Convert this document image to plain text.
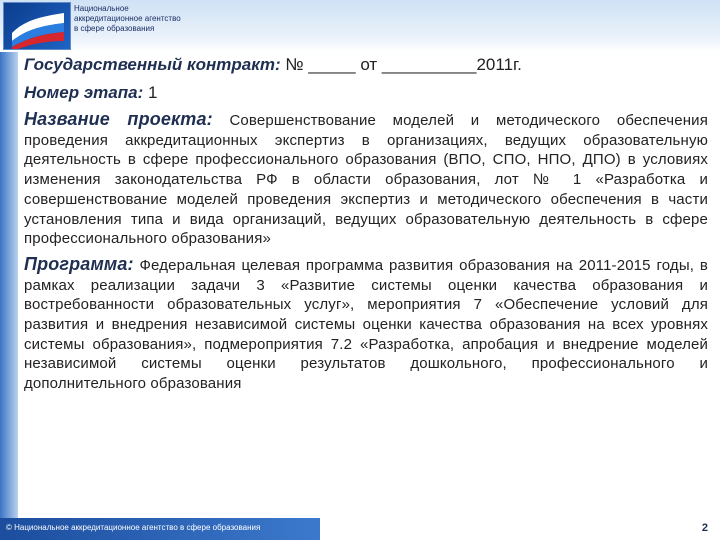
Национальное
аккредитационное агентство
в сфере образования
Государственный контракт: № _____ от __________2011г.
Номер этапа: 1
Название проекта: Совершенствование моделей и методического обеспечения проведения аккредитационных экспертиз в организациях, ведущих образовательную деятельность в сфере профессионального образования (ВПО, СПО, НПО, ДПО) в условиях изменения законодательства РФ в области образования, лот № 1 «Разработка и совершенствование моделей проведения экспертиз и методического обеспечения в части установления типа и вида организаций, ведущих образовательную деятельность в сфере профессионального образования»
Программа: Федеральная целевая программа развития образования на 2011-2015 годы, в рамках реализации задачи 3 «Развитие системы оценки качества образования и востребованности образовательных услуг», мероприятия 7 «Обеспечение условий для развития и внедрения независимой системы оценки качества образования на всех уровнях системы образования», подмероприятия 7.2 «Разработка, апробация и внедрение моделей независимой системы оценки результатов дошкольного, профессионального и дополнительного образования
© Национальное аккредитационное агентство в сфере образования	2
